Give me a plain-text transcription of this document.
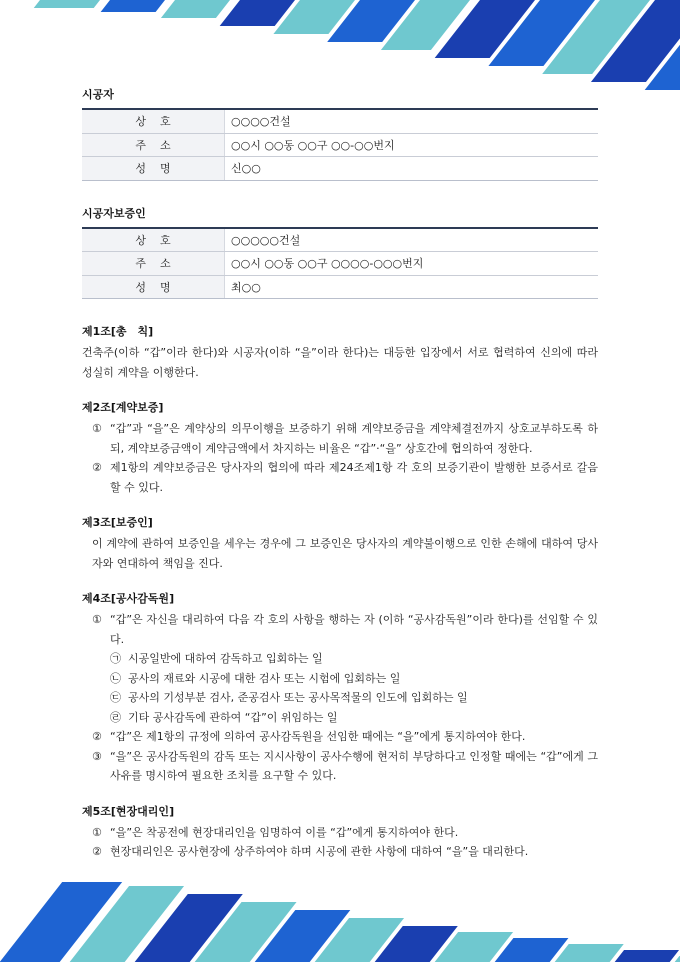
시공자
상호	○○○○건설
주소	○○시 ○○동 ○○구 ○○-○○번지
성명	신○○
시공자보증인
상호	○○○○○건설
주소	○○시 ○○동 ○○구 ○○○○-○○○번지
성명	최○○
제1조[총　칙]

건축주(이하 “갑”이라 한다)와 시공자(이하 “을”이라 한다)는 대등한 입장에서 서로 협력하여 신의에 따라 성실히 계약을 이행한다.

제2조[계약보증]
① “갑”과 “을”은 계약상의 의무이행을 보증하기 위해 계약보증금을 계약체결전까지 상호교부하도록 하되, 계약보증금액이 계약금액에서 차지하는 비율은 “갑”·“을” 상호간에 협의하여 정한다.
② 제1항의 계약보증금은 당사자의 협의에 따라 제24조제1항 각 호의 보증기관이 발행한 보증서로 갈음할 수 있다.
제3조[보증인]

이 계약에 관하여 보증인을 세우는 경우에 그 보증인은 당사자의 계약불이행으로 인한 손해에 대하여 당사자와 연대하여 책임을 진다.

제4조[공사감독원]
① “갑”은 자신을 대리하여 다음 각 호의 사항을 행하는 자 (이하 “공사감독원”이라 한다)를 선임할 수 있다.
㉠ 시공일반에 대하여 감독하고 입회하는 일
㉡ 공사의 재료와 시공에 대한 검사 또는 시험에 입회하는 일
㉢ 공사의 기성부분 검사, 준공검사 또는 공사목적물의 인도에 입회하는 일
㉣ 기타 공사감독에 관하여 “갑”이 위임하는 일
② “갑”은 제1항의 규정에 의하여 공사감독원을 선임한 때에는 “을”에게 통지하여야 한다.
③ “을”은 공사감독원의 감독 또는 지시사항이 공사수행에 현저히 부당하다고 인정할 때에는 “갑”에게 그 사유를 명시하여 필요한 조치를 요구할 수 있다.
제5조[현장대리인]
① “을”은 착공전에 현장대리인을 임명하여 이를 “갑”에게 통지하여야 한다.
② 현장대리인은 공사현장에 상주하여야 하며 시공에 관한 사항에 대하여 “을”을 대리한다.
